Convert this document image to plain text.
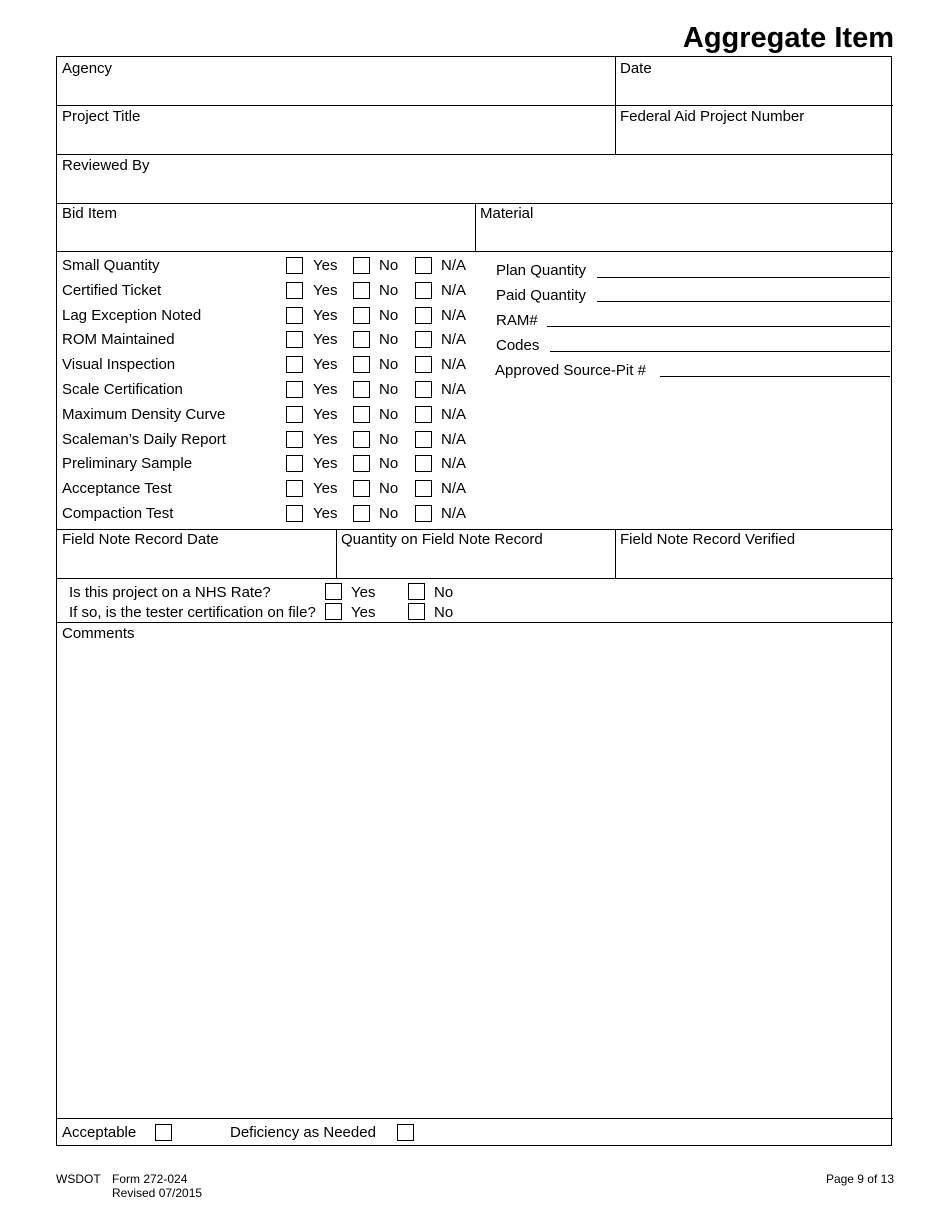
Aggregate Item
Agency	Date
Project Title	Federal Aid Project Number
Reviewed By
Bid Item	Material
Small Quantity	Yes	No	N/A
Certified Ticket	Yes	No	N/A
Lag Exception Noted	Yes	No	N/A
ROM Maintained	Yes	No	N/A
Visual Inspection	Yes	No	N/A
Scale Certification	Yes	No	N/A
Maximum Density Curve	Yes	No	N/A
Scaleman’s Daily Report	Yes	No	N/A
Preliminary Sample	Yes	No	N/A
Acceptance Test	Yes	No	N/A
Compaction Test	Yes	No	N/A
Plan Quantity
Paid Quantity
RAM#
Codes
Approved Source-Pit #
Field Note Record Date	Quantity on Field Note Record	Field Note Record Verified
Is this project on a NHS Rate?	Yes	No
If so, is the tester certification on file? Yes	No
Comments
Acceptable	Deficiency as Needed
WSDOT Form 272-024
Revised 07/2015
Page 9 of 13
